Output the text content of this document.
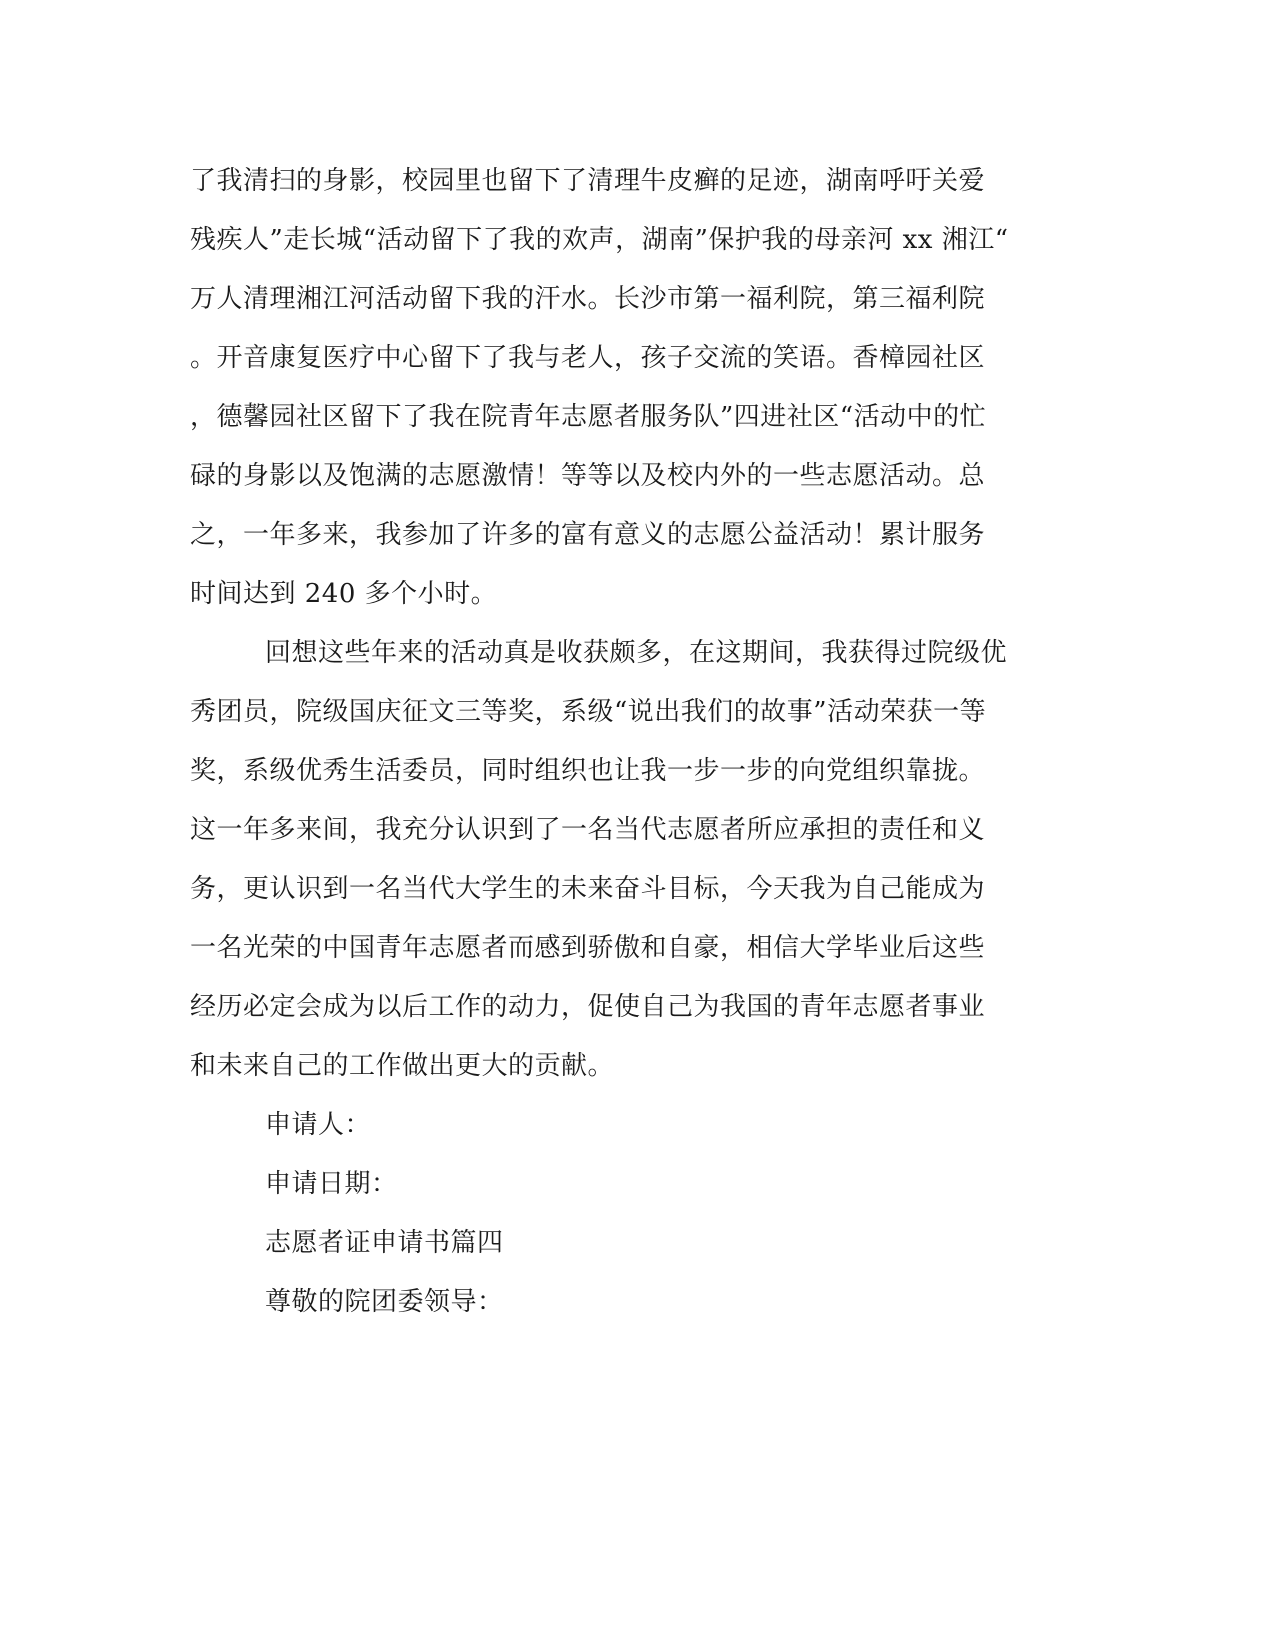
了我清扫的身影，校园里也留下了清理牛皮癣的足迹，湖南呼吁关爱
残疾人”走长城“活动留下了我的欢声，湖南”保护我的母亲河 xx 湘江“
万人清理湘江河活动留下我的汗水。长沙市第一福利院，第三福利院
。开音康复医疗中心留下了我与老人，孩子交流的笑语。香樟园社区
，德馨园社区留下了我在院青年志愿者服务队”四进社区“活动中的忙
碌的身影以及饱满的志愿激情！等等以及校内外的一些志愿活动。总
之，一年多来，我参加了许多的富有意义的志愿公益活动！累计服务
时间达到 240 多个小时。
回想这些年来的活动真是收获颇多，在这期间，我获得过院级优
秀团员，院级国庆征文三等奖，系级“说出我们的故事”活动荣获一等
奖，系级优秀生活委员，同时组织也让我一步一步的向党组织靠拢。
这一年多来间，我充分认识到了一名当代志愿者所应承担的责任和义
务，更认识到一名当代大学生的未来奋斗目标，今天我为自己能成为
一名光荣的中国青年志愿者而感到骄傲和自豪，相信大学毕业后这些
经历必定会成为以后工作的动力，促使自己为我国的青年志愿者事业
和未来自己的工作做出更大的贡献。
申请人：
申请日期：
志愿者证申请书篇四
尊敬的院团委领导：
